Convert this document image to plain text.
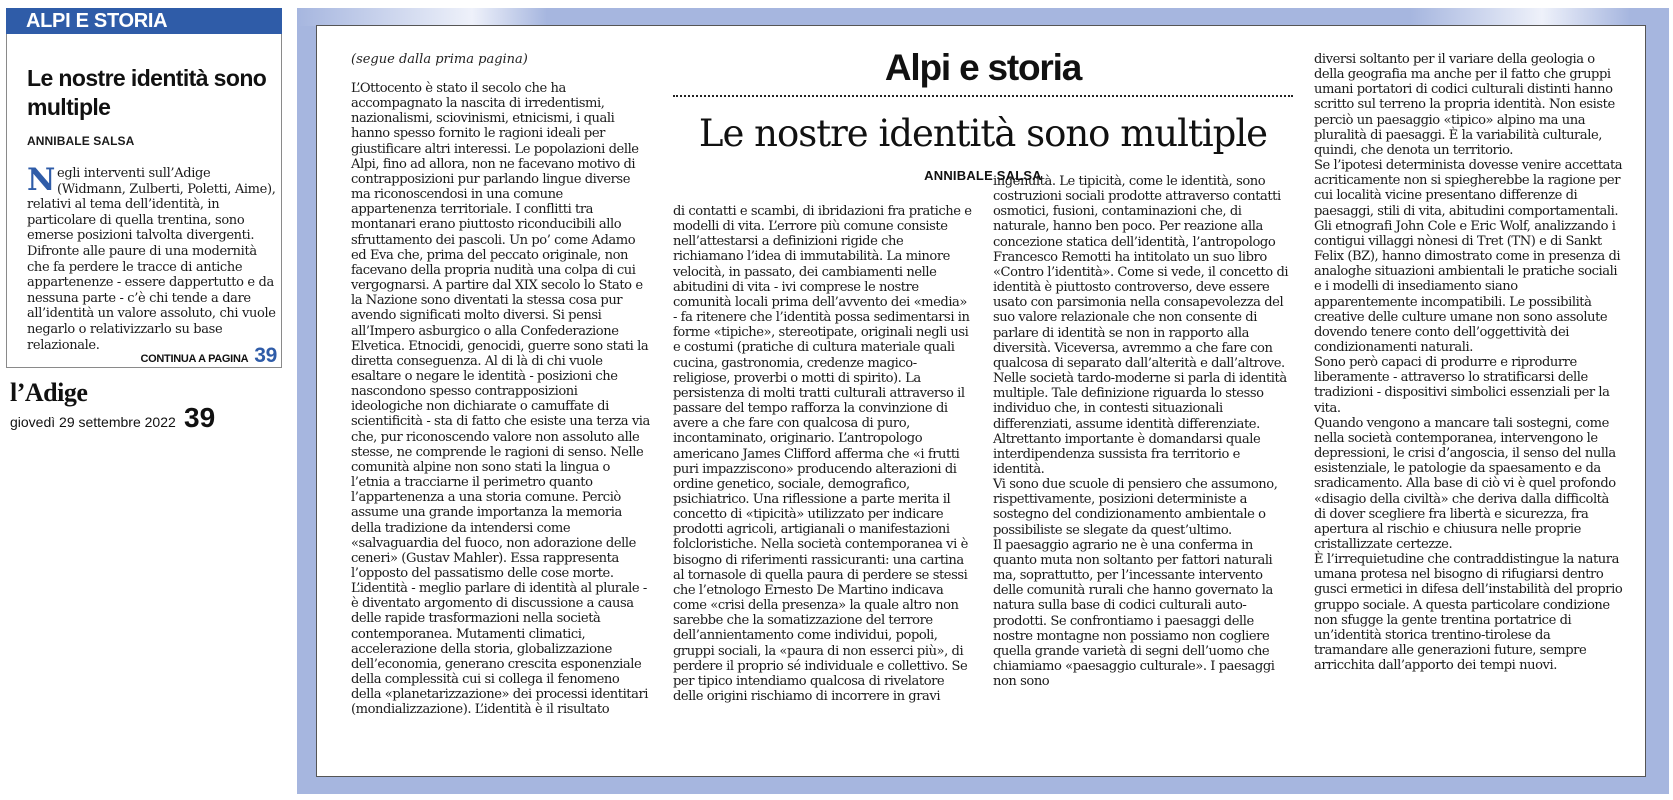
ALPI E STORIA
Le nostre identità sono multiple
ANNIBALE SALSA
Negli interventi sull’Adige (Widmann, Zulberti, Poletti, Aime), relativi al tema dell’identità, in particolare di quella trentina, sono emerse posizioni talvolta divergenti. Difronte alle paure di una modernità che fa perdere le tracce di antiche appartenenze - essere dappertutto e da nessuna parte - c’è chi tende a dare all’identità un valore assoluto, chi vuole negarlo o relativizzarlo su base relazionale.
CONTINUA A PAGINA 39
l’Adige
giovedì 29 settembre 2022 39
(segue dalla prima pagina)	Alpi e storia
Le nostre identità sono multiple
ANNIBALE SALSA

L’Ottocento è stato il secolo che ha accompagnato la nascita di irredentismi, nazionalismi, sciovinismi, etnicismi, i quali hanno spesso fornito le ragioni ideali per giustificare altri interessi. Le popolazioni delle Alpi, fino ad allora, non ne facevano motivo di contrapposizioni pur parlando lingue diverse ma riconoscendosi in una comune appartenenza territoriale. I conflitti tra montanari erano piuttosto riconducibili allo sfruttamento dei pascoli. Un po’ come Adamo ed Eva che, prima del peccato originale, non facevano della propria nudità una colpa di cui vergognarsi. A partire dal XIX secolo lo Stato e la Nazione sono diventati la stessa cosa pur avendo significati molto diversi. Si pensi all’Impero asburgico o alla Confederazione Elvetica. Etnocidi, genocidi, guerre sono stati la diretta conseguenza. Al di là di chi vuole esaltare o negare le identità - posizioni che nascondono spesso contrapposizioni ideologiche non dichiarate o camuffate di scientificità - sta di fatto che esiste una terza via che, pur riconoscendo valore non assoluto alle stesse, ne comprende le ragioni di senso. Nelle comunità alpine non sono stati la lingua o l’etnia a tracciarne il perimetro quanto l’appartenenza a una storia comune. Perciò assume una grande importanza la memoria della tradizione da intendersi come «salvaguardia del fuoco, non adorazione delle ceneri» (Gustav Mahler). Essa rappresenta l’opposto del passatismo delle cose morte. L’identità - meglio parlare di identità al plurale - è diventato argomento di discussione a causa delle rapide trasformazioni nella società contemporanea. Mutamenti climatici, accelerazione della storia, globalizzazione dell’economia, generano crescita esponenziale della complessità cui si collega il fenomeno della «planetarizzazione» dei processi identitari (mondializzazione). L’identità è il risultato

di contatti e scambi, di ibridazioni fra pratiche e modelli di vita. L’errore più comune consiste nell’attestarsi a definizioni rigide che richiamano l’idea di immutabilità. La minore velocità, in passato, dei cambiamenti nelle abitudini di vita - ivi comprese le nostre comunità locali prima dell’avvento dei «media» - fa ritenere che l’identità possa sedimentarsi in forme «tipiche», stereotipate, originali negli usi e costumi (pratiche di cultura materiale quali cucina, gastronomia, credenze magico-religiose, proverbi o motti di spirito). La persistenza di molti tratti culturali attraverso il passare del tempo rafforza la convinzione di avere a che fare con qualcosa di puro, incontaminato, originario. L’antropologo americano James Clifford afferma che «i frutti puri impazziscono» producendo alterazioni di ordine genetico, sociale, demografico, psichiatrico. Una riflessione a parte merita il concetto di «tipicità» utilizzato per indicare prodotti agricoli, artigianali o manifestazioni folcloristiche. Nella società contemporanea vi è bisogno di riferimenti rassicuranti: una cartina al tornasole di quella paura di perdere se stessi che l’etnologo Ernesto De Martino indicava come «crisi della presenza» la quale altro non sarebbe che la somatizzazione del terrore dell’annientamento come individui, popoli, gruppi sociali, la «paura di non esserci più», di perdere il proprio sé individuale e collettivo. Se per tipico intendiamo qualcosa di rivelatore delle origini rischiamo di incorrere in gravi

ingenuità. Le tipicità, come le identità, sono costruzioni sociali prodotte attraverso contatti osmotici, fusioni, contaminazioni che, di naturale, hanno ben poco. Per reazione alla concezione statica dell’identità, l’antropologo Francesco Remotti ha intitolato un suo libro «Contro l’identità». Come si vede, il concetto di identità è piuttosto controverso, deve essere usato con parsimonia nella consapevolezza del suo valore relazionale che non consente di parlare di identità se non in rapporto alla diversità. Viceversa, avremmo a che fare con qualcosa di separato dall’alterità e dall’altrove. Nelle società tardo-moderne si parla di identità multiple. Tale definizione riguarda lo stesso individuo che, in contesti situazionali differenziati, assume identità differenziate. Altrettanto importante è domandarsi quale interdipendenza sussista fra territorio e identità.

Vi sono due scuole di pensiero che assumono, rispettivamente, posizioni deterministe a sostegno del condizionamento ambientale o possibiliste se slegate da quest’ultimo.

Il paesaggio agrario ne è una conferma in quanto muta non soltanto per fattori naturali ma, soprattutto, per l’incessante intervento delle comunità rurali che hanno governato la natura sulla base di codici culturali auto-prodotti. Se confrontiamo i paesaggi delle nostre montagne non possiamo non cogliere quella grande varietà di segni dell’uomo che chiamiamo «paesaggio culturale». I paesaggi non sono

diversi soltanto per il variare della geologia o della geografia ma anche per il fatto che gruppi umani portatori di codici culturali distinti hanno scritto sul terreno la propria identità. Non esiste perciò un paesaggio «tipico» alpino ma una pluralità di paesaggi. È la variabilità culturale, quindi, che denota un territorio.

Se l’ipotesi determinista dovesse venire accettata acriticamente non si spiegherebbe la ragione per cui località vicine presentano differenze di paesaggi, stili di vita, abitudini comportamentali. Gli etnografi John Cole e Eric Wolf, analizzando i contigui villaggi nònesi di Tret (TN) e di Sankt Felix (BZ), hanno dimostrato come in presenza di analoghe situazioni ambientali le pratiche sociali e i modelli di insediamento siano apparentemente incompatibili. Le possibilità creative delle culture umane non sono assolute dovendo tenere conto dell’oggettività dei condizionamenti naturali.

Sono però capaci di produrre e riprodurre liberamente - attraverso lo stratificarsi delle tradizioni - dispositivi simbolici essenziali per la vita.

Quando vengono a mancare tali sostegni, come nella società contemporanea, intervengono le depressioni, le crisi d’angoscia, il senso del nulla esistenziale, le patologie da spaesamento e da sradicamento. Alla base di ciò vi è quel profondo «disagio della civiltà» che deriva dalla difficoltà di dover scegliere fra libertà e sicurezza, fra apertura al rischio e chiusura nelle proprie cristallizzate certezze.

È l’irrequietudine che contraddistingue la natura umana protesa nel bisogno di rifugiarsi dentro gusci ermetici in difesa dell’instabilità del proprio gruppo sociale. A questa particolare condizione non sfugge la gente trentina portatrice di un’identità storica trentino-tirolese da tramandare alle generazioni future, sempre arricchita dall’apporto dei tempi nuovi.
